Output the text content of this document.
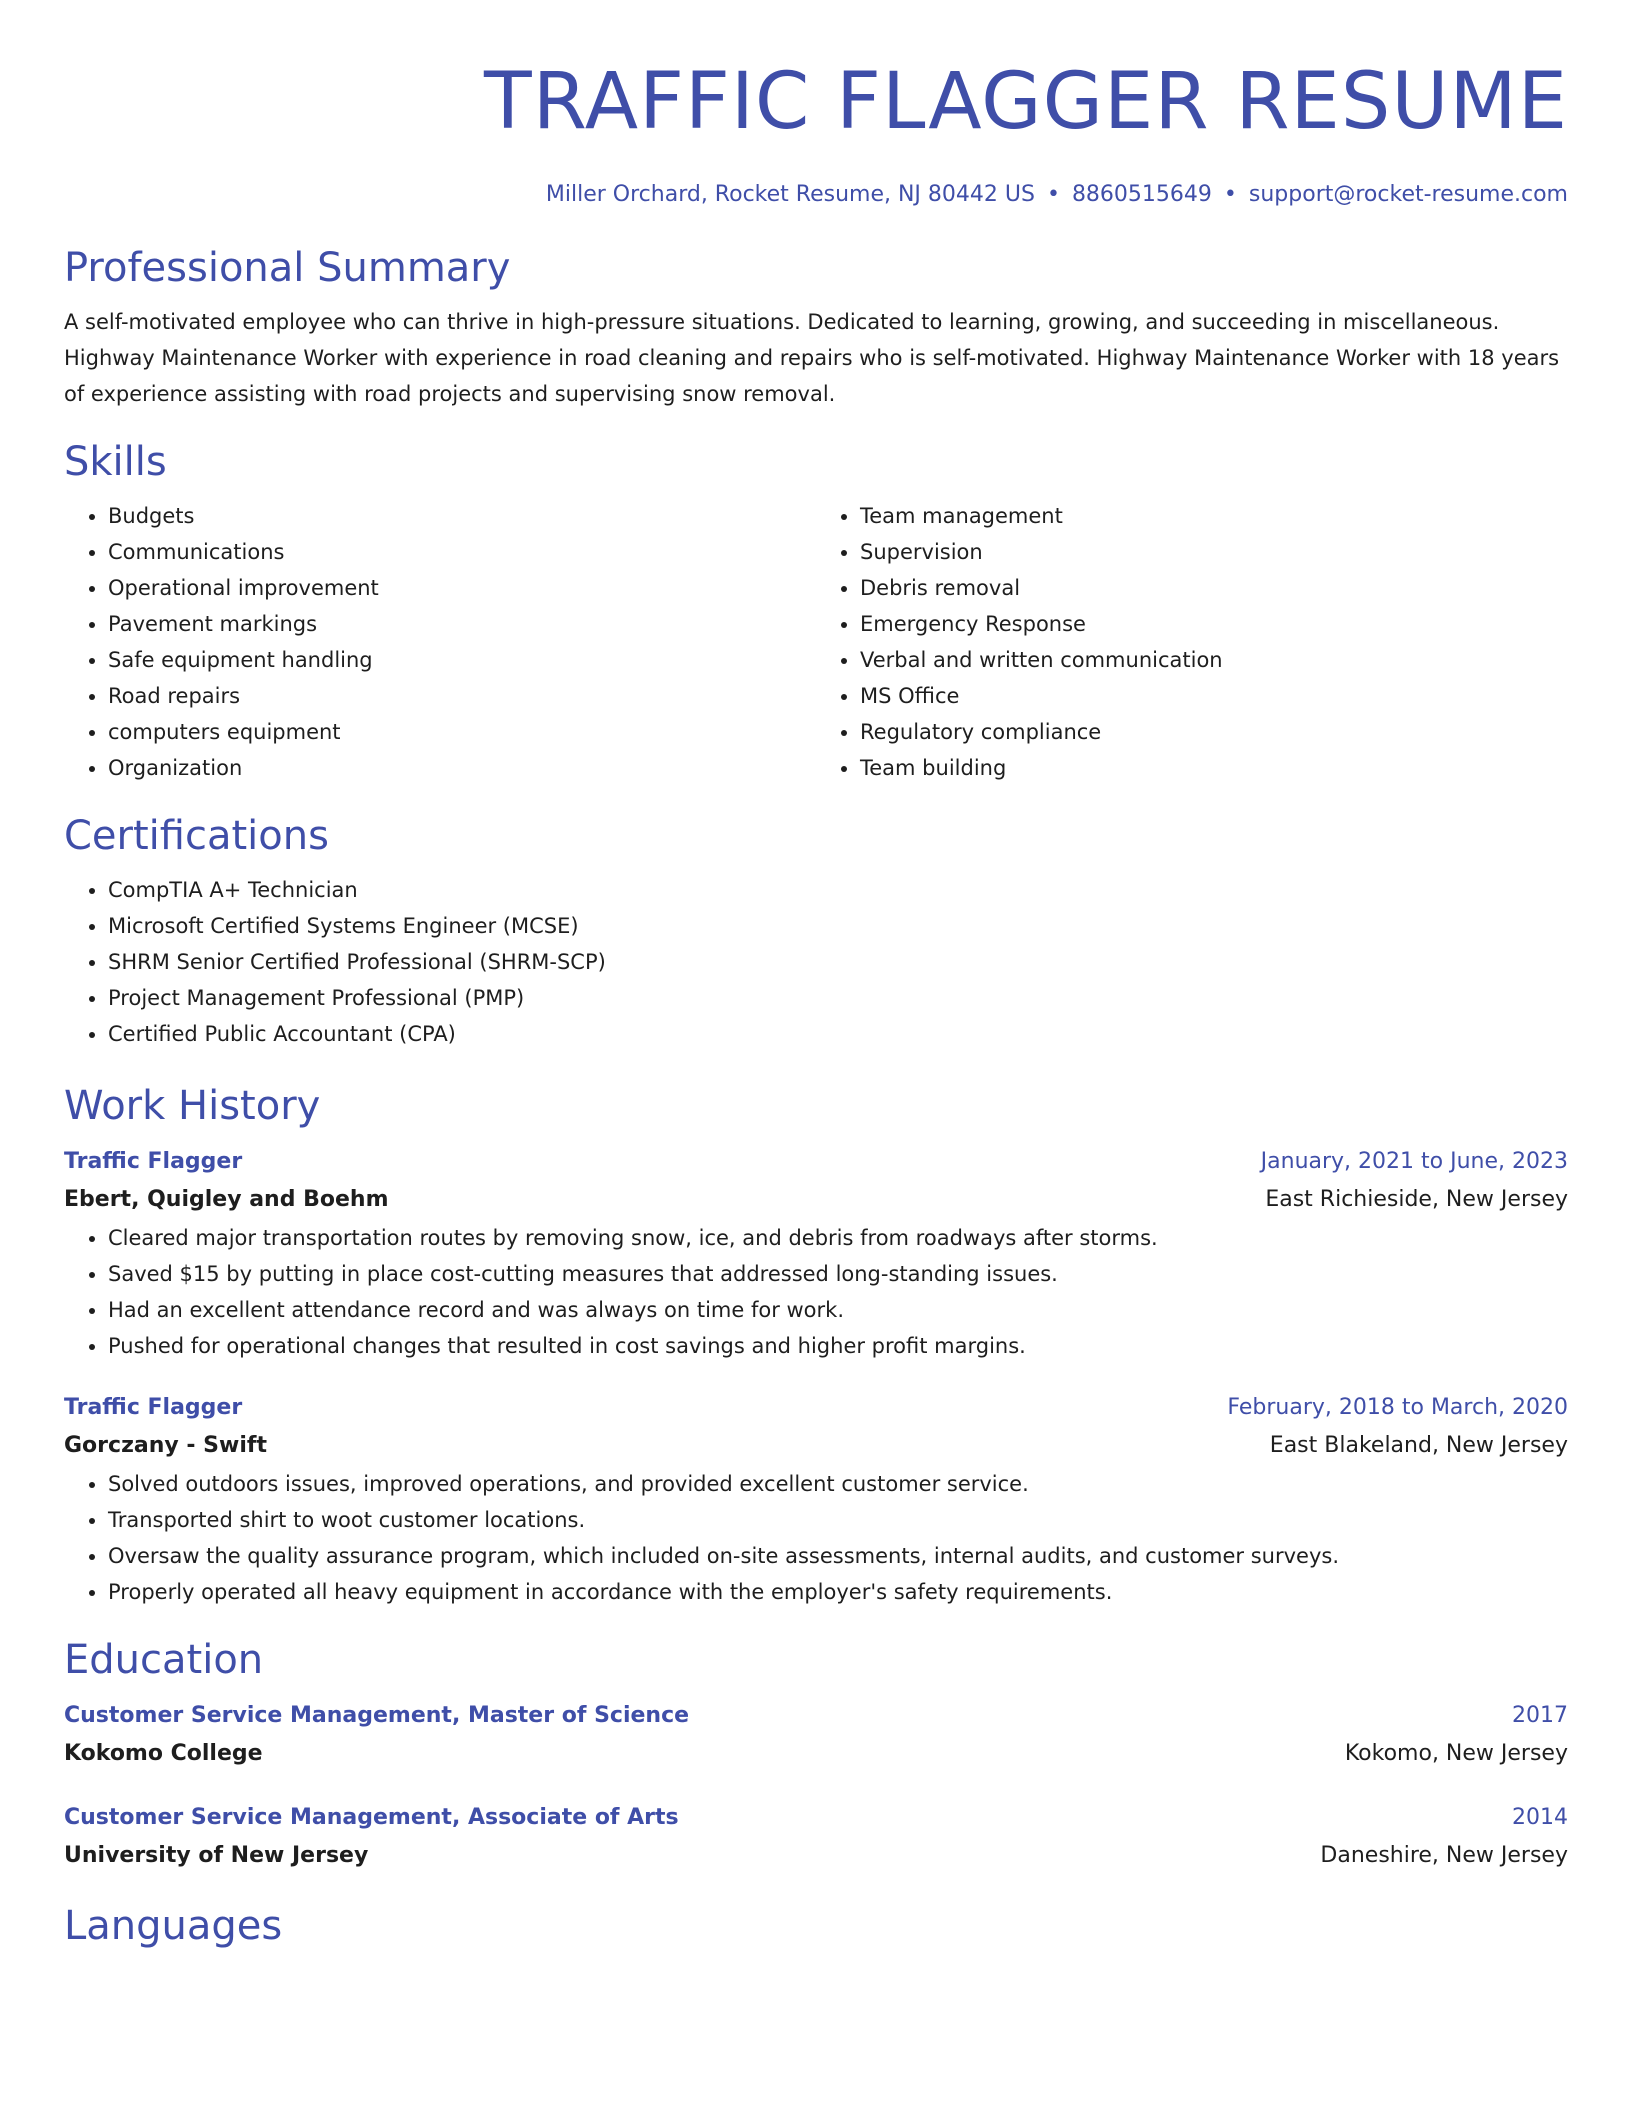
TRAFFIC FLAGGER RESUME
Miller Orchard, Rocket Resume, NJ 80442 US • 8860515649 • support@rocket-resume.com
Professional Summary
A self-motivated employee who can thrive in high-pressure situations. Dedicated to learning, growing, and succeeding in miscellaneous. Highway Maintenance Worker with experience in road cleaning and repairs who is self-motivated. Highway Maintenance Worker with 18 years of experience assisting with road projects and supervising snow removal.
Skills
• Budgets
• Communications
• Operational improvement
• Pavement markings
• Safe equipment handling
• Road repairs
• computers equipment
• Organization
• Team management
• Supervision
• Debris removal
• Emergency Response
• Verbal and written communication
• MS Office
• Regulatory compliance
• Team building
Certifications
• CompTIA A+ Technician
• Microsoft Certified Systems Engineer (MCSE)
• SHRM Senior Certified Professional (SHRM-SCP)
• Project Management Professional (PMP)
• Certified Public Accountant (CPA)
Work History
Traffic Flagger	January, 2021 to June, 2023
Ebert, Quigley and Boehm	East Richieside, New Jersey
• Cleared major transportation routes by removing snow, ice, and debris from roadways after storms.
• Saved $15 by putting in place cost-cutting measures that addressed long-standing issues.
• Had an excellent attendance record and was always on time for work.
• Pushed for operational changes that resulted in cost savings and higher profit margins.
Traffic Flagger	February, 2018 to March, 2020
Gorczany - Swift	East Blakeland, New Jersey
• Solved outdoors issues, improved operations, and provided excellent customer service.
• Transported shirt to woot customer locations.
• Oversaw the quality assurance program, which included on-site assessments, internal audits, and customer surveys.
• Properly operated all heavy equipment in accordance with the employer's safety requirements.
Education
Customer Service Management, Master of Science	2017
Kokomo College	Kokomo, New Jersey
Customer Service Management, Associate of Arts	2014
University of New Jersey	Daneshire, New Jersey
Languages
